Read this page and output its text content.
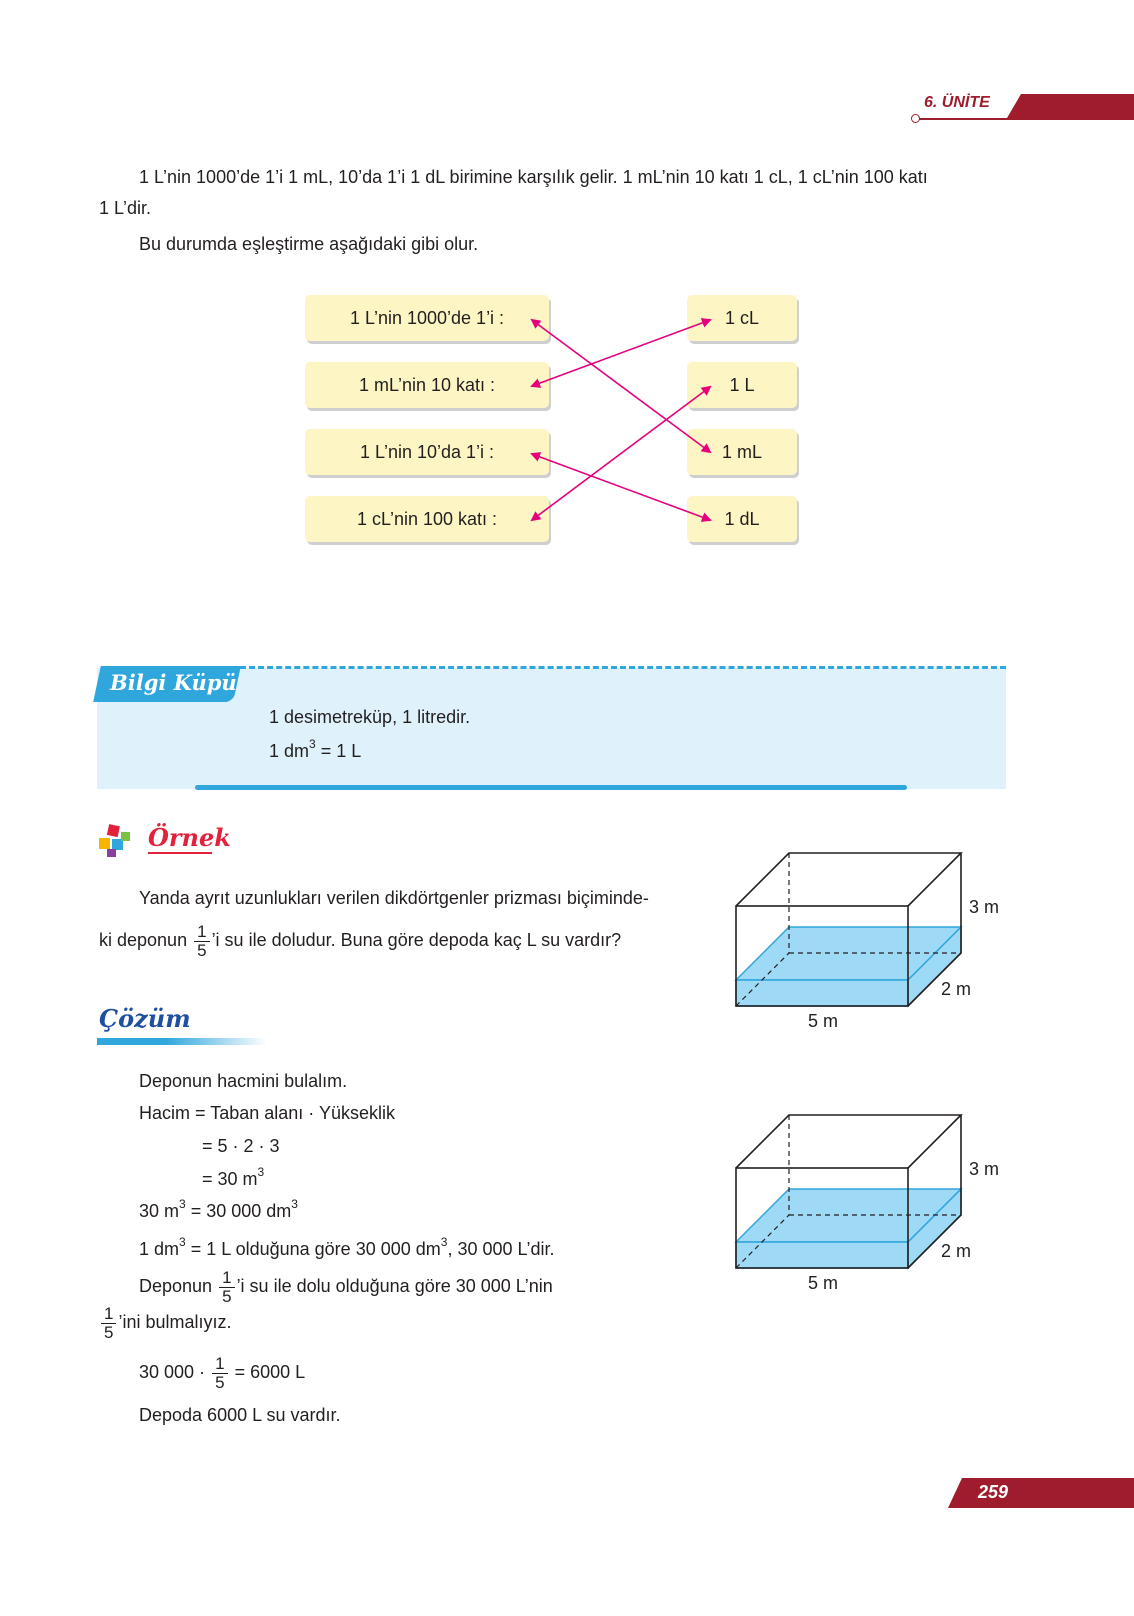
6. ÜNİTE
1 L’nin 1000’de 1’i 1 mL, 10’da 1’i 1 dL birimine karşılık gelir. 1 mL’nin 10 katı 1 cL, 1 cL’nin 100 katı
1 L’dir.
Bu durumda eşleştirme aşağıdaki gibi olur.
1 L’nin 1000’de 1’i :
1 mL’nin 10 katı :
1 L’nin 10’da 1’i :
1 cL’nin 100 katı :
1 cL
1 L
1 mL
1 dL
Bilgi Küpü
1 desimetreküp, 1 litredir.
1 $dm^3 = 1$ L
Örnek
Yanda ayrıt uzunlukları verilen dikdörtgenler prizması biçiminde-
ki deponun $\frac{1}{5}$ ’i su ile doludur. Buna göre depoda kaç L su vardır?
3 m
2 m
5 m
Çözüm
Deponun hacmini bulalım.
Hacim = Taban alanı · Yükseklik
= 5 · 2 · 3
= 30 $m^3$
30 $m^3 = 30$ 000 $dm^3$
1 $dm^3 = 1$ L olduğuna göre 30 000 $dm^3$, 30 000 L’dir.
Deponun $\frac{1}{5}$ ’i su ile dolu olduğuna göre 30 000 L’nin
$\frac{1}{5}$ ’ini bulmalıyız.
30 $000 \cdot \frac{1}{5} = 6000$ L
Depoda 6000 L su vardır.
3 m
2 m
5 m
259
